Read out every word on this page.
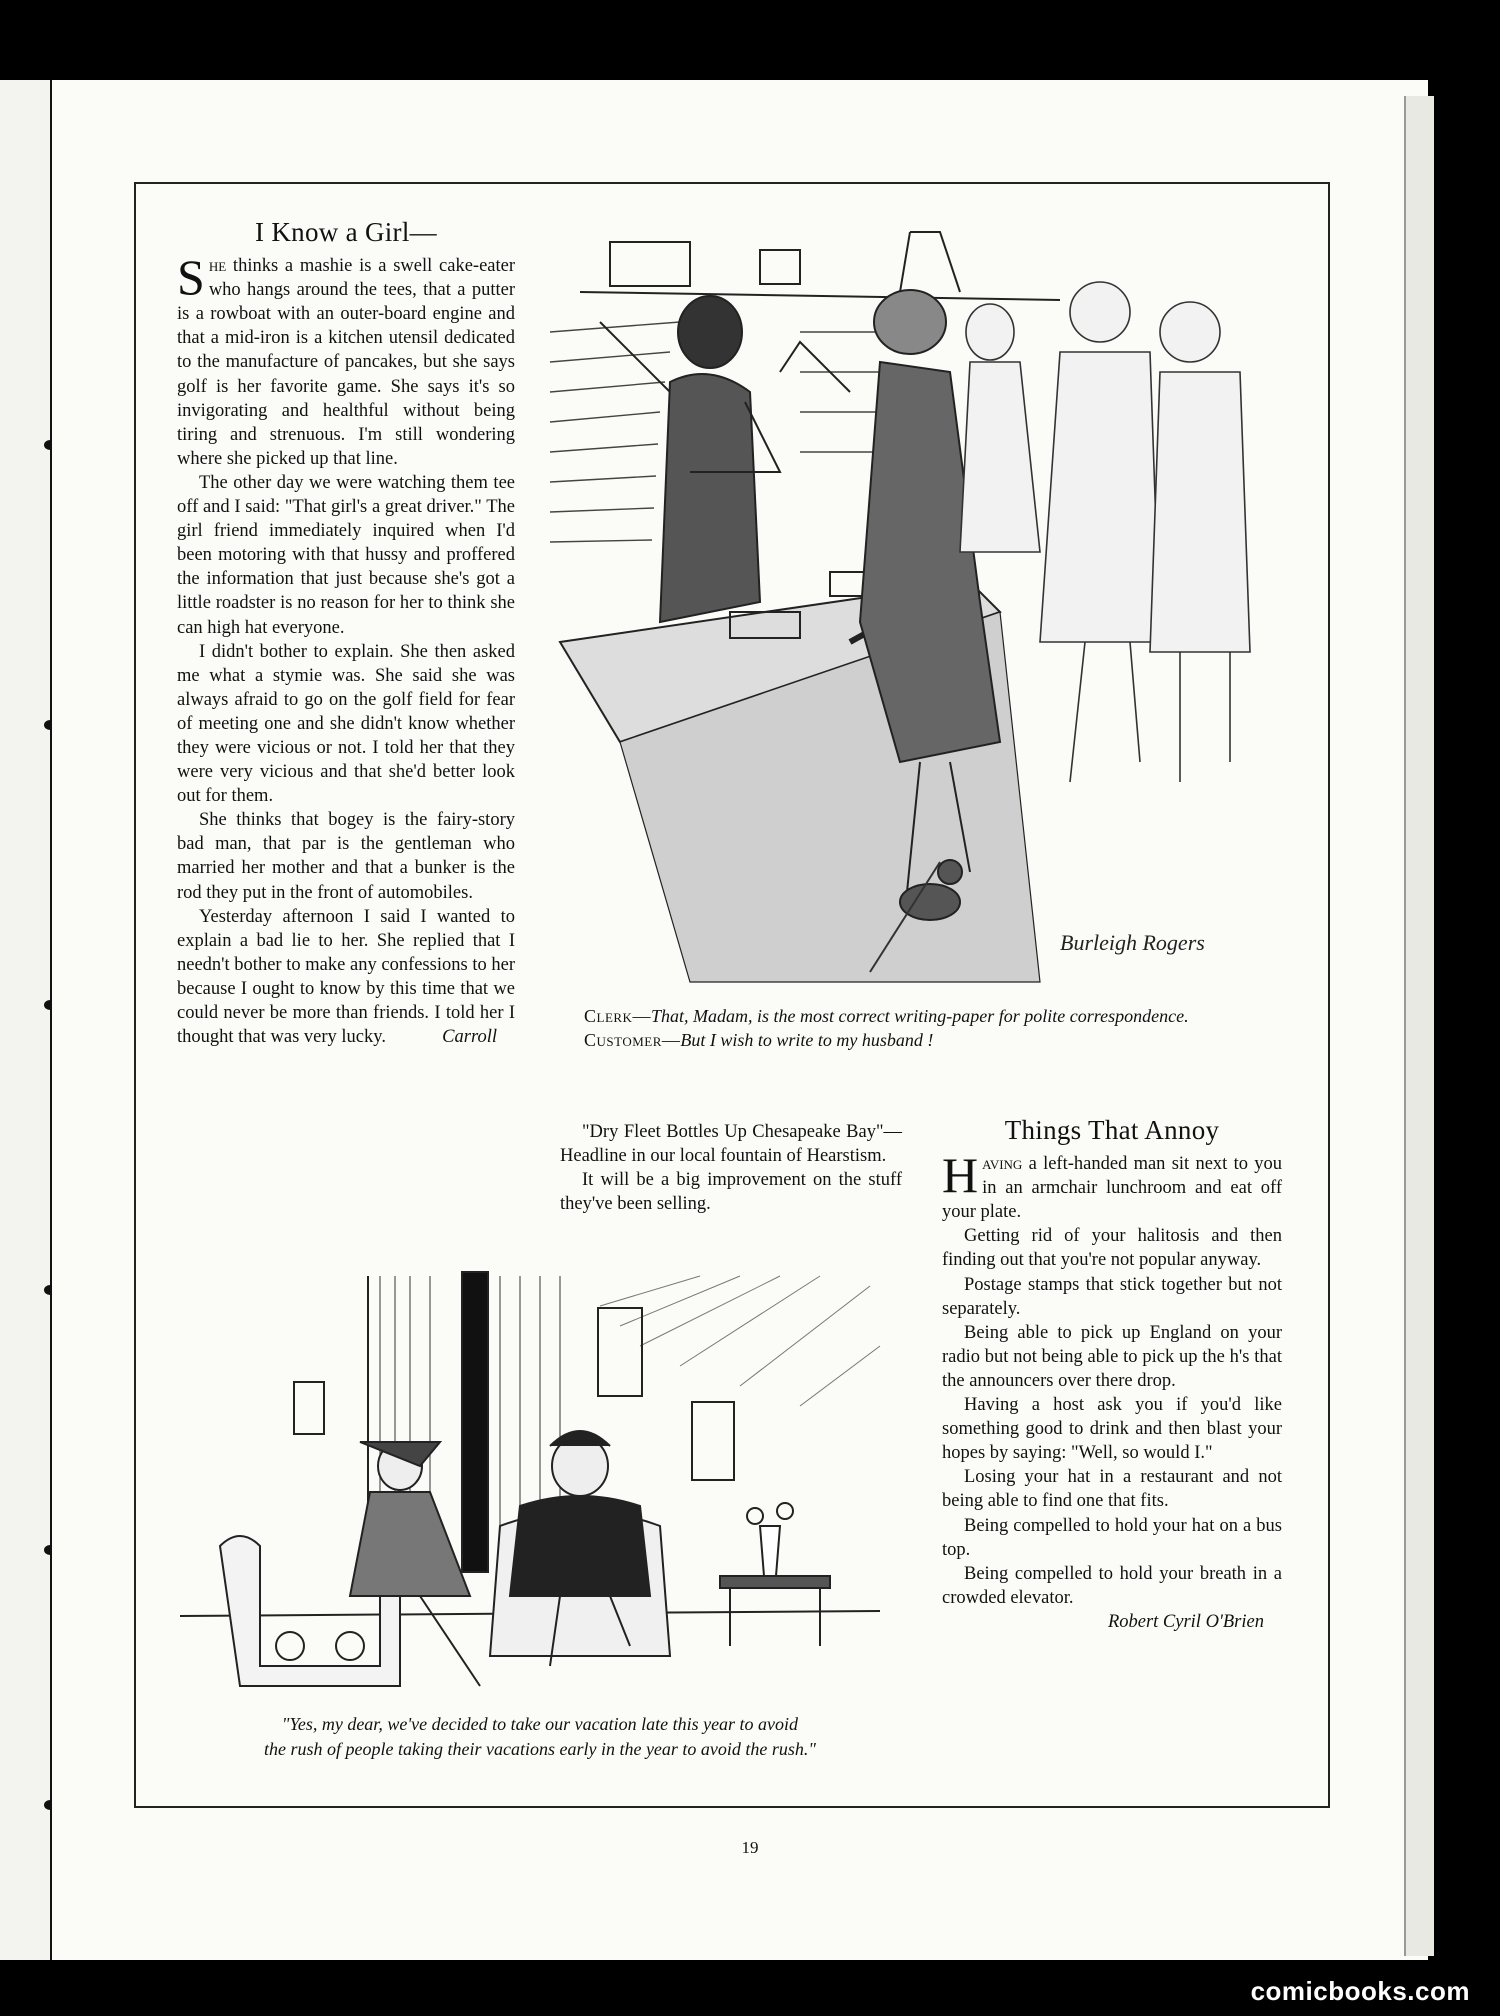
I Know a Girl—

She thinks a mashie is a swell cake-eater who hangs around the tees, that a putter is a rowboat with an outer-board engine and that a mid-iron is a kitchen utensil dedicated to the manufacture of pancakes, but she says golf is her favorite game. She says it's so invigorating and healthful without being tiring and strenuous. I'm still wondering where she picked up that line.

The other day we were watching them tee off and I said: "That girl's a great driver." The girl friend immediately inquired when I'd been motoring with that hussy and proffered the information that just because she's got a little roadster is no reason for her to think she can high hat everyone.

I didn't bother to explain. She then asked me what a stymie was. She said she was always afraid to go on the golf field for fear of meeting one and she didn't know whether they were vicious or not. I told her that they were very vicious and that she'd better look out for them.

She thinks that bogey is the fairy-story bad man, that par is the gentleman who married her mother and that a bunker is the rod they put in the front of automobiles.

Yesterday afternoon I said I wanted to explain a bad lie to her. She replied that I needn't bother to make any confessions to her because I ought to know by this time that we could never be more than friends. I told her I thought that was very lucky.	Carroll

Burleigh Rogers
Clerk—That, Madam, is the most correct writing-paper for polite correspondence.
Customer—But I wish to write to my husband !

"Dry Fleet Bottles Up Chesapeake Bay"—Headline in our local fountain of Hearstism.

It will be a big improvement on the stuff they've been selling.

Things That Annoy

Having a left-handed man sit next to you in an armchair lunchroom and eat off your plate.

Getting rid of your halitosis and then finding out that you're not popular anyway.

Postage stamps that stick together but not separately.

Being able to pick up England on your radio but not being able to pick up the h's that the announcers over there drop.

Having a host ask you if you'd like something good to drink and then blast your hopes by saying: "Well, so would I."

Losing your hat in a restaurant and not being able to find one that fits.

Being compelled to hold your hat on a bus top.

Being compelled to hold your breath in a crowded elevator.

Robert Cyril O'Brien
"Yes, my dear, we've decided to take our vacation late this year to avoid
the rush of people taking their vacations early in the year to avoid the rush."
19
comicbooks.com
